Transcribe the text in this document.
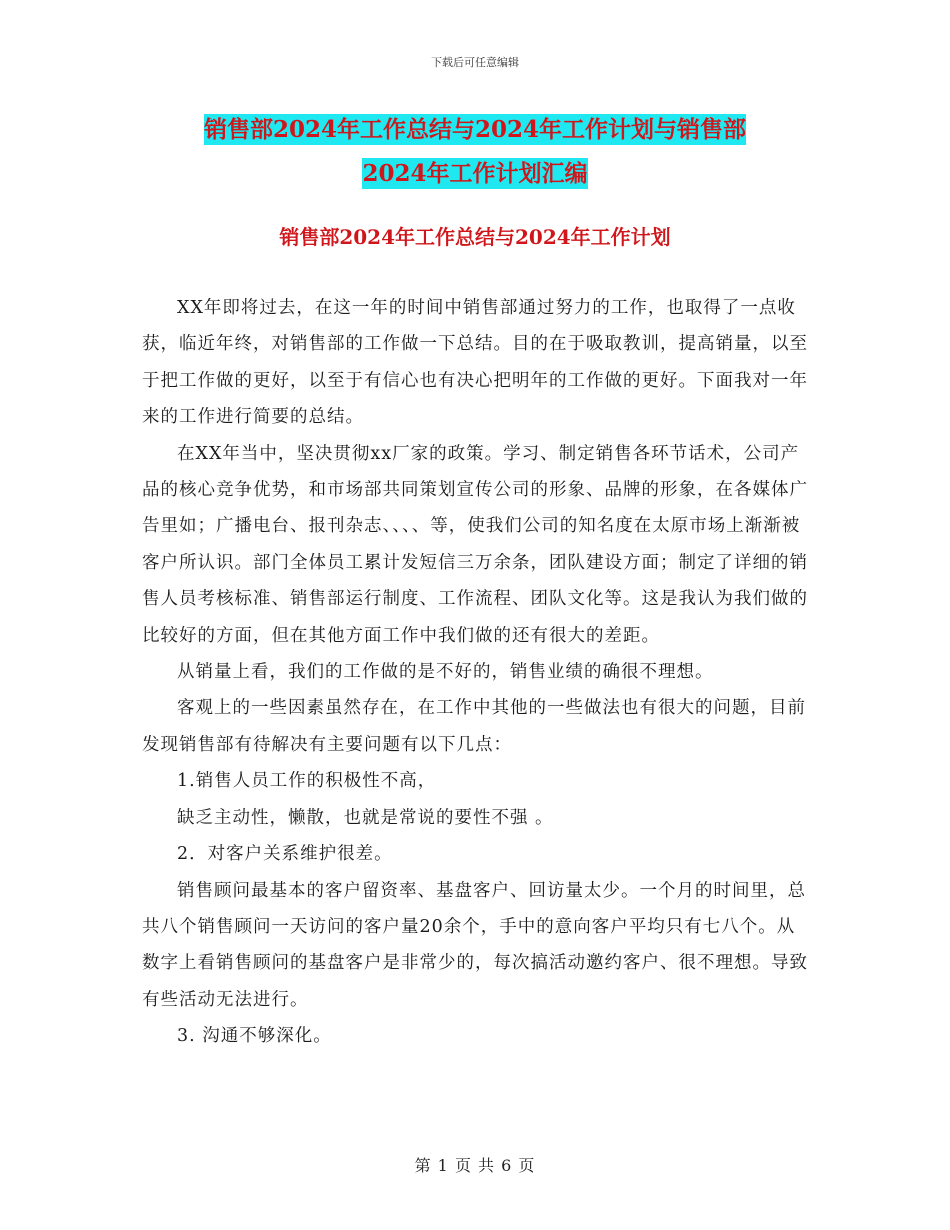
下载后可任意编辑
销售部2024年工作总结与2024年工作计划与销售部
2024年工作计划汇编
销售部2024年工作总结与2024年工作计划

XX年即将过去，在这一年的时间中销售部通过努力的工作，也取得了一点收获，临近年终，对销售部的工作做一下总结。目的在于吸取教训，提高销量，以至于把工作做的更好，以至于有信心也有决心把明年的工作做的更好。下面我对一年来的工作进行简要的总结。

在XX年当中，坚决贯彻xx厂家的政策。学习、制定销售各环节话术，公司产品的核心竞争优势，和市场部共同策划宣传公司的形象、品牌的形象，在各媒体广告里如；广播电台、报刊杂志、、、、等，使我们公司的知名度在太原市场上渐渐被客户所认识。部门全体员工累计发短信三万余条，团队建设方面；制定了详细的销售人员考核标准、销售部运行制度、工作流程、团队文化等。这是我认为我们做的比较好的方面，但在其他方面工作中我们做的还有很大的差距。

从销量上看，我们的工作做的是不好的，销售业绩的确很不理想。

客观上的一些因素虽然存在，在工作中其他的一些做法也有很大的问题，目前发现销售部有待解决有主要问题有以下几点：

1.销售人员工作的积极性不高，

缺乏主动性，懒散，也就是常说的要性不强 。

2．对客户关系维护很差。

销售顾问最基本的客户留资率、基盘客户、回访量太少。一个月的时间里，总共八个销售顾问一天访问的客户量20余个，手中的意向客户平均只有七八个。从数字上看销售顾问的基盘客户是非常少的，每次搞活动邀约客户、很不理想。导致有些活动无法进行。

3. 沟通不够深化。

第 1 页 共 6 页
